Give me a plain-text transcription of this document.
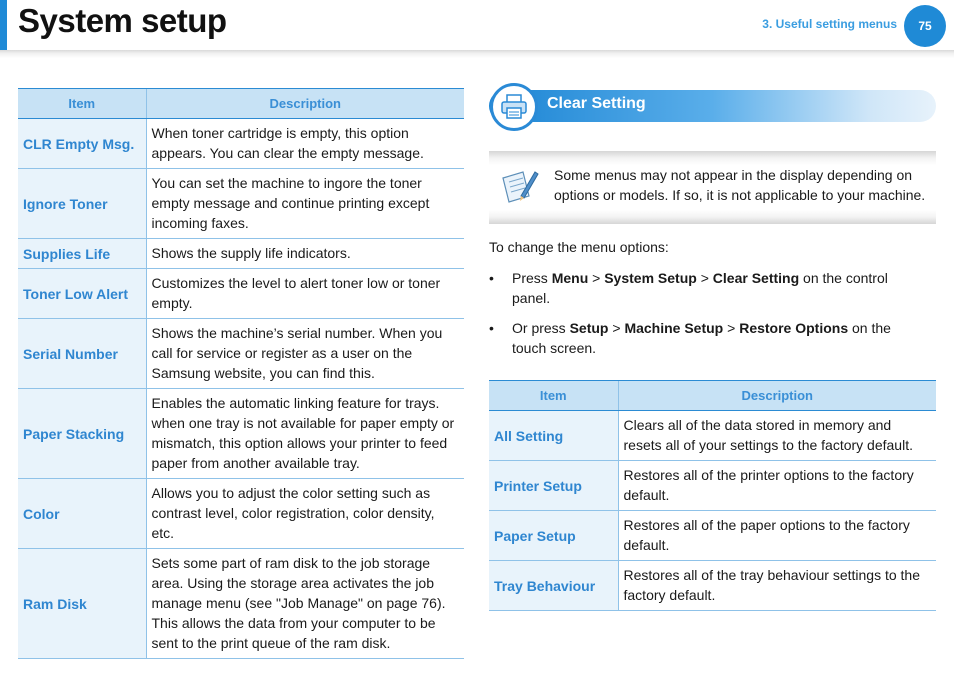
System setup	3. Useful setting menus	75
Item	Description
CLR Empty Msg.	When toner cartridge is empty, this option appears. You can clear the empty message.
Ignore Toner	You can set the machine to ingore the toner empty message and continue printing except incoming faxes.
Supplies Life	Shows the supply life indicators.
Toner Low Alert	Customizes the level to alert toner low or toner empty.
Serial Number	Shows the machine’s serial number. When you call for service or register as a user on the Samsung website, you can find this.
Paper Stacking	Enables the automatic linking feature for trays. when one tray is not available for paper empty or mismatch, this option allows your printer to feed paper from another available tray.
Color	Allows you to adjust the color setting such as contrast level, color registration, color density, etc.
Ram Disk	Sets some part of ram disk to the job storage area. Using the storage area activates the job manage menu (see "Job Manage" on page 76). This allows the data from your computer to be sent to the print queue of the ram disk.
Clear Setting

Some menus may not appear in the display depending on options or models. If so, it is not applicable to your machine.

To change the menu options:

•	Press Menu > System Setup > Clear Setting on the control panel.
•	Or press Setup > Machine Setup > Restore Options on the touch screen.
Item	Description
All Setting	Clears all of the data stored in memory and resets all of your settings to the factory default.
Printer Setup	Restores all of the printer options to the factory default.
Paper Setup	Restores all of the paper options to the factory default.
Tray Behaviour	Restores all of the tray behaviour settings to the factory default.
